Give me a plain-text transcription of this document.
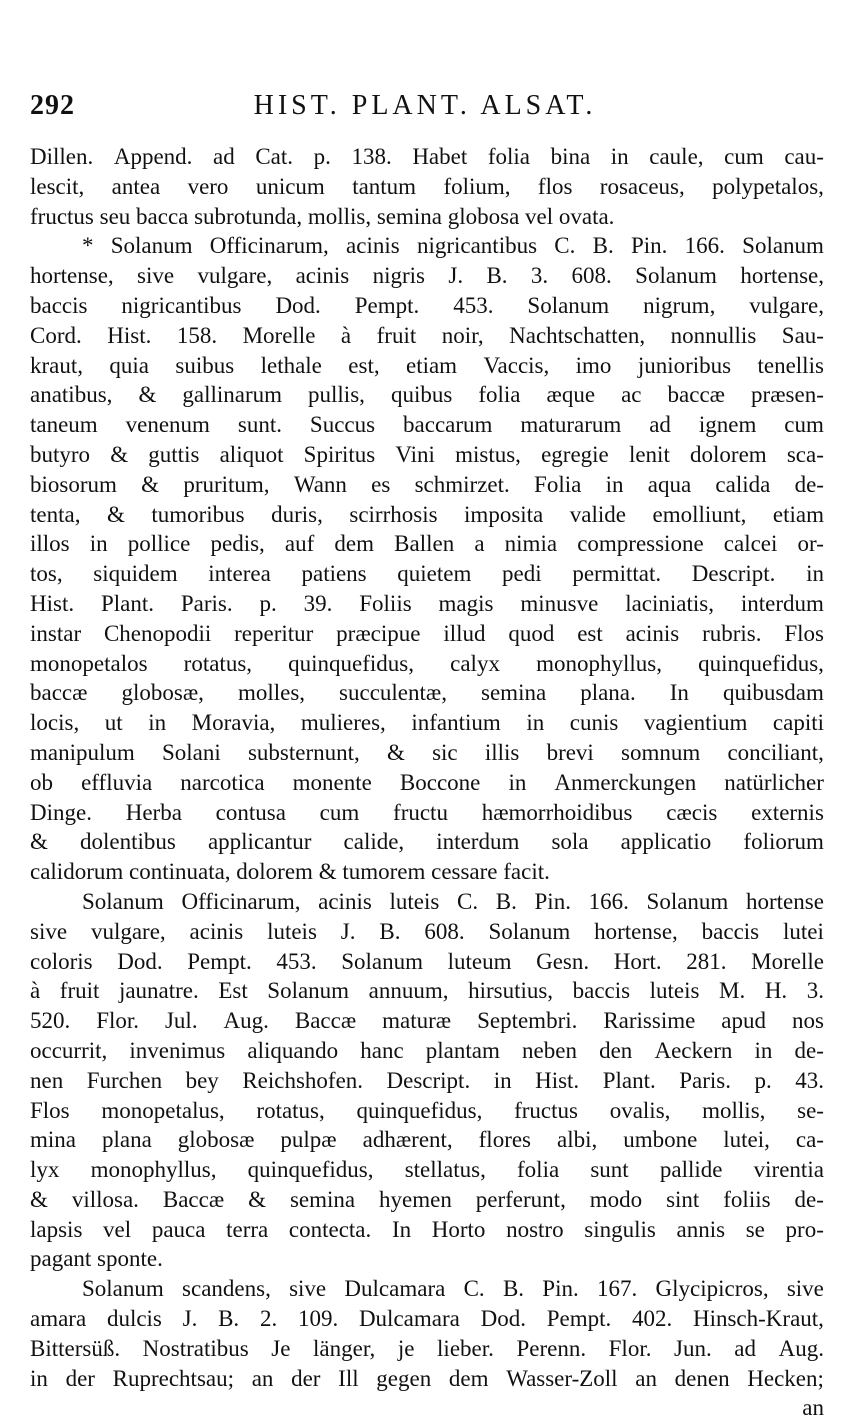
292	HIST. PLANT. ALSAT.
Dillen. Append. ad Cat. p. 138. Habet folia bina in caule, cum cau-
lescit, antea vero unicum tantum folium, flos rosaceus, polypetalos,
fructus seu bacca subrotunda, mollis, semina globosa vel ovata.
* Solanum Officinarum, acinis nigricantibus C. B. Pin. 166. Solanum
hortense, sive vulgare, acinis nigris J. B. 3. 608. Solanum hortense,
baccis nigricantibus Dod. Pempt. 453. Solanum nigrum, vulgare,
Cord. Hist. 158. Morelle à fruit noir, Nachtschatten, nonnullis Sau-
kraut, quia suibus lethale est, etiam Vaccis, imo junioribus tenellis
anatibus, & gallinarum pullis, quibus folia æque ac baccæ præsen-
taneum venenum sunt. Succus baccarum maturarum ad ignem cum
butyro & guttis aliquot Spiritus Vini mistus, egregie lenit dolorem sca-
biosorum & pruritum, Wann es schmirzet. Folia in aqua calida de-
tenta, & tumoribus duris, scirrhosis imposita valide emolliunt, etiam
illos in pollice pedis, auf dem Ballen a nimia compressione calcei or-
tos, siquidem interea patiens quietem pedi permittat. Descript. in
Hist. Plant. Paris. p. 39. Foliis magis minusve laciniatis, interdum
instar Chenopodii reperitur præcipue illud quod est acinis rubris. Flos
monopetalos rotatus, quinquefidus, calyx monophyllus, quinquefidus,
baccæ globosæ, molles, succulentæ, semina plana. In quibusdam
locis, ut in Moravia, mulieres, infantium in cunis vagientium capiti
manipulum Solani substernunt, & sic illis brevi somnum conciliant,
ob effluvia narcotica monente Boccone in Anmerckungen natürlicher
Dinge. Herba contusa cum fructu hæmorrhoidibus cæcis externis
& dolentibus applicantur calide, interdum sola applicatio foliorum
calidorum continuata, dolorem & tumorem cessare facit.
Solanum Officinarum, acinis luteis C. B. Pin. 166. Solanum hortense
sive vulgare, acinis luteis J. B. 608. Solanum hortense, baccis lutei
coloris Dod. Pempt. 453. Solanum luteum Gesn. Hort. 281. Morelle
à fruit jaunatre. Est Solanum annuum, hirsutius, baccis luteis M. H. 3.
520. Flor. Jul. Aug. Baccæ maturæ Septembri. Rarissime apud nos
occurrit, invenimus aliquando hanc plantam neben den Aeckern in de-
nen Furchen bey Reichshofen. Descript. in Hist. Plant. Paris. p. 43.
Flos monopetalus, rotatus, quinquefidus, fructus ovalis, mollis, se-
mina plana globosæ pulpæ adhærent, flores albi, umbone lutei, ca-
lyx monophyllus, quinquefidus, stellatus, folia sunt pallide virentia
& villosa. Baccæ & semina hyemen perferunt, modo sint foliis de-
lapsis vel pauca terra contecta. In Horto nostro singulis annis se pro-
pagant sponte.
Solanum scandens, sive Dulcamara C. B. Pin. 167. Glycipicros, sive
amara dulcis J. B. 2. 109. Dulcamara Dod. Pempt. 402. Hinsch-Kraut,
Bittersüß. Nostratibus Je länger, je lieber. Perenn. Flor. Jun. ad Aug.
in der Ruprechtsau; an der Ill gegen dem Wasser-Zoll an denen Hecken;
an
